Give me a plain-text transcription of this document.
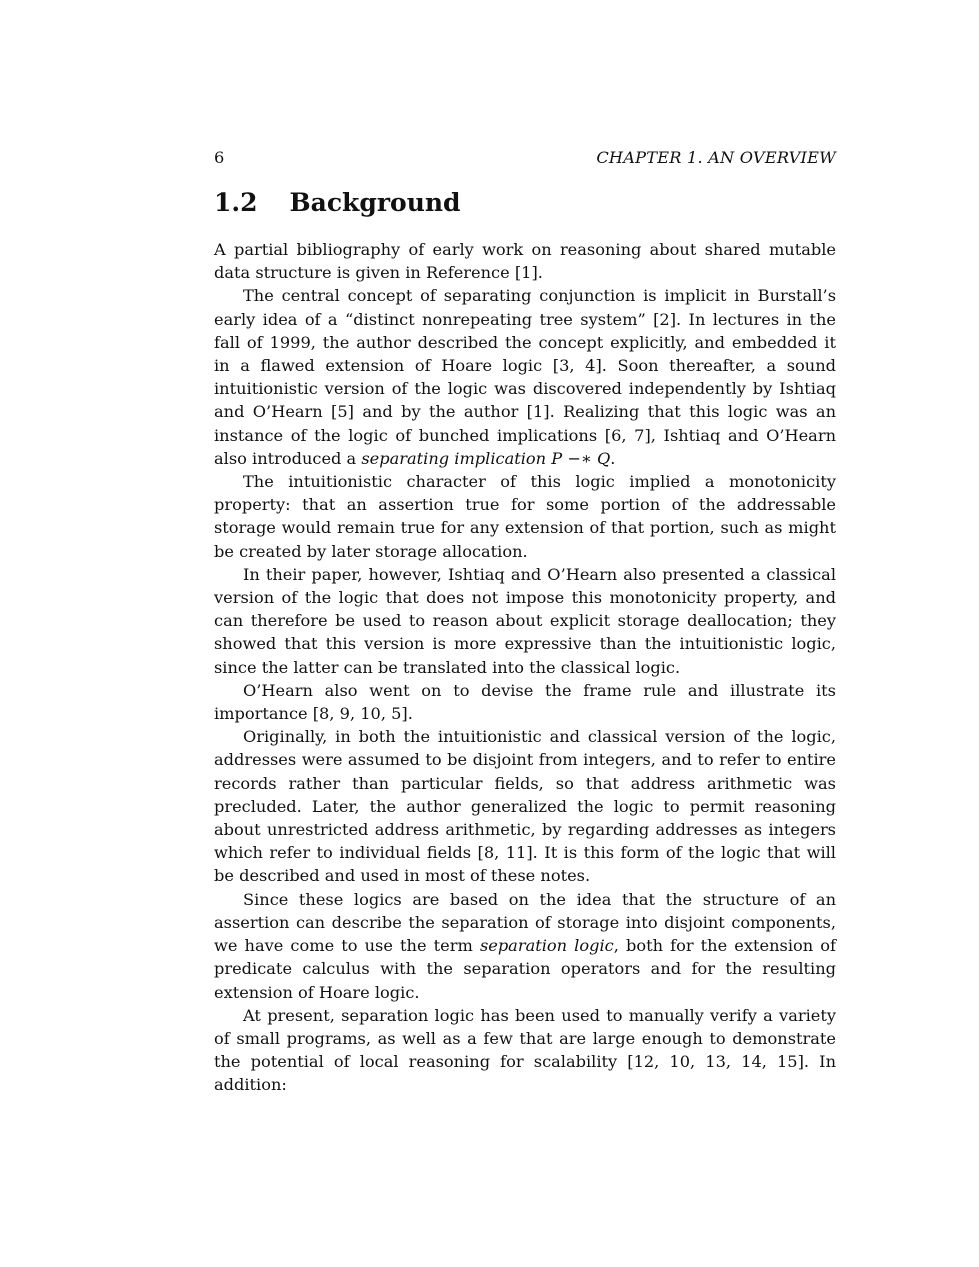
6	CHAPTER 1. AN OVERVIEW
1.2 Background

A partial bibliography of early work on reasoning about shared mutable data structure is given in Reference [1].

The central concept of separating conjunction is implicit in Burstall’s early idea of a “distinct nonrepeating tree system” [2]. In lectures in the fall of 1999, the author described the concept explicitly, and embedded it in a flawed extension of Hoare logic [3, 4]. Soon thereafter, a sound intuitionistic version of the logic was discovered independently by Ishtiaq and O’Hearn [5] and by the author [1]. Realizing that this logic was an instance of the logic of bunched implications [6, 7], Ishtiaq and O’Hearn also introduced a separating implication P −∗ Q.

The intuitionistic character of this logic implied a monotonicity property: that an assertion true for some portion of the addressable storage would remain true for any extension of that portion, such as might be created by later storage allocation.

In their paper, however, Ishtiaq and O’Hearn also presented a classical version of the logic that does not impose this monotonicity property, and can therefore be used to reason about explicit storage deallocation; they showed that this version is more expressive than the intuitionistic logic, since the latter can be translated into the classical logic.

O’Hearn also went on to devise the frame rule and illustrate its importance [8, 9, 10, 5].

Originally, in both the intuitionistic and classical version of the logic, addresses were assumed to be disjoint from integers, and to refer to entire records rather than particular fields, so that address arithmetic was precluded. Later, the author generalized the logic to permit reasoning about unrestricted address arithmetic, by regarding addresses as integers which refer to individual fields [8, 11]. It is this form of the logic that will be described and used in most of these notes.

Since these logics are based on the idea that the structure of an assertion can describe the separation of storage into disjoint components, we have come to use the term separation logic, both for the extension of predicate calculus with the separation operators and for the resulting extension of Hoare logic.

At present, separation logic has been used to manually verify a variety of small programs, as well as a few that are large enough to demonstrate the potential of local reasoning for scalability [12, 10, 13, 14, 15]. In addition:
